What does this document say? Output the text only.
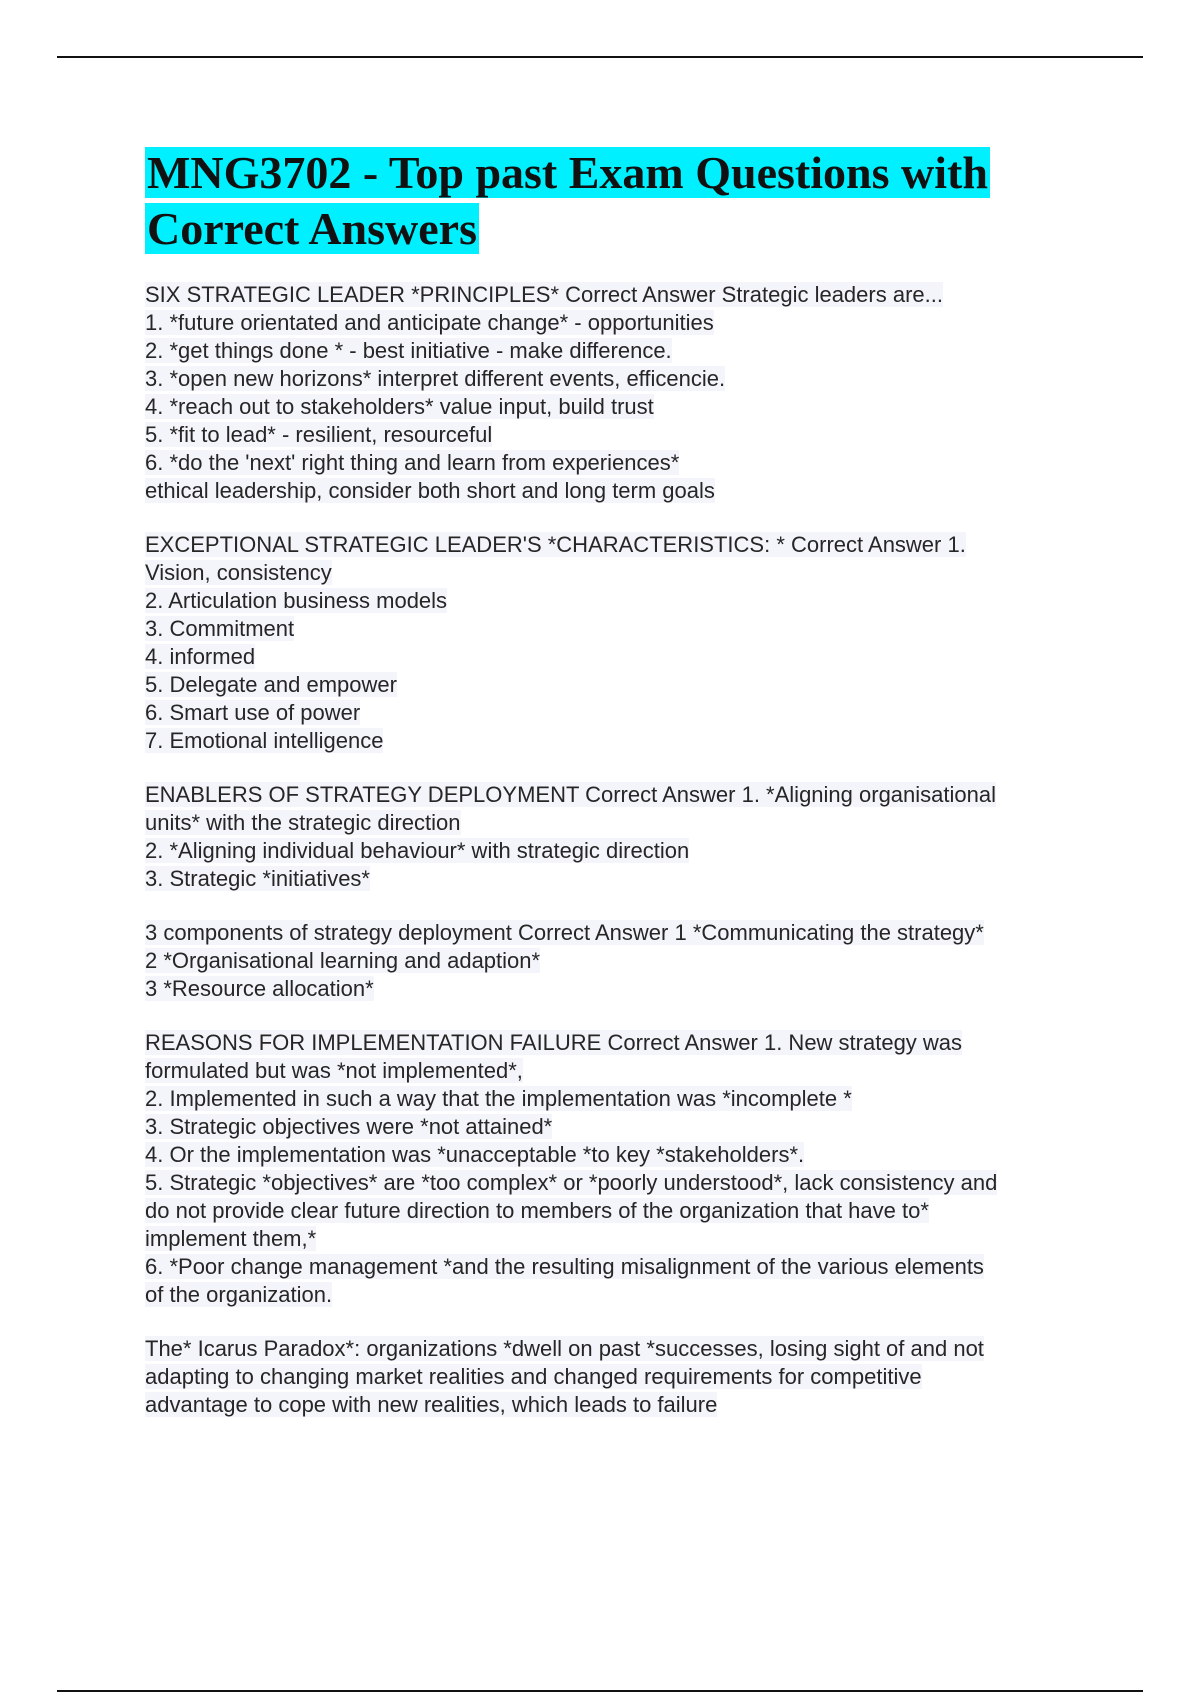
MNG3702 - Top past Exam Questions with
Correct Answers
SIX STRATEGIC LEADER *PRINCIPLES* Correct Answer Strategic leaders are...
1. *future orientated and anticipate change* - opportunities
2. *get things done * - best initiative - make difference.
3. *open new horizons* interpret different events, efficencie.
4. *reach out to stakeholders* value input, build trust
5. *fit to lead* - resilient, resourceful
6. *do the 'next' right thing and learn from experiences*
ethical leadership, consider both short and long term goals
EXCEPTIONAL STRATEGIC LEADER'S *CHARACTERISTICS: * Correct Answer 1.
Vision, consistency
2. Articulation business models
3. Commitment
4. informed
5. Delegate and empower
6. Smart use of power
7. Emotional intelligence
ENABLERS OF STRATEGY DEPLOYMENT Correct Answer 1. *Aligning organisational
units* with the strategic direction
2. *Aligning individual behaviour* with strategic direction
3. Strategic *initiatives*
3 components of strategy deployment Correct Answer 1 *Communicating the strategy*
2 *Organisational learning and adaption*
3 *Resource allocation*
REASONS FOR IMPLEMENTATION FAILURE Correct Answer 1. New strategy was
formulated but was *not implemented*,
2. Implemented in such a way that the implementation was *incomplete *
3. Strategic objectives were *not attained*
4. Or the implementation was *unacceptable *to key *stakeholders*.
5. Strategic *objectives* are *too complex* or *poorly understood*, lack consistency and
do not provide clear future direction to members of the organization that have to*
implement them,*
6. *Poor change management *and the resulting misalignment of the various elements
of the organization.
The* Icarus Paradox*: organizations *dwell on past *successes, losing sight of and not
adapting to changing market realities and changed requirements for competitive
advantage to cope with new realities, which leads to failure
